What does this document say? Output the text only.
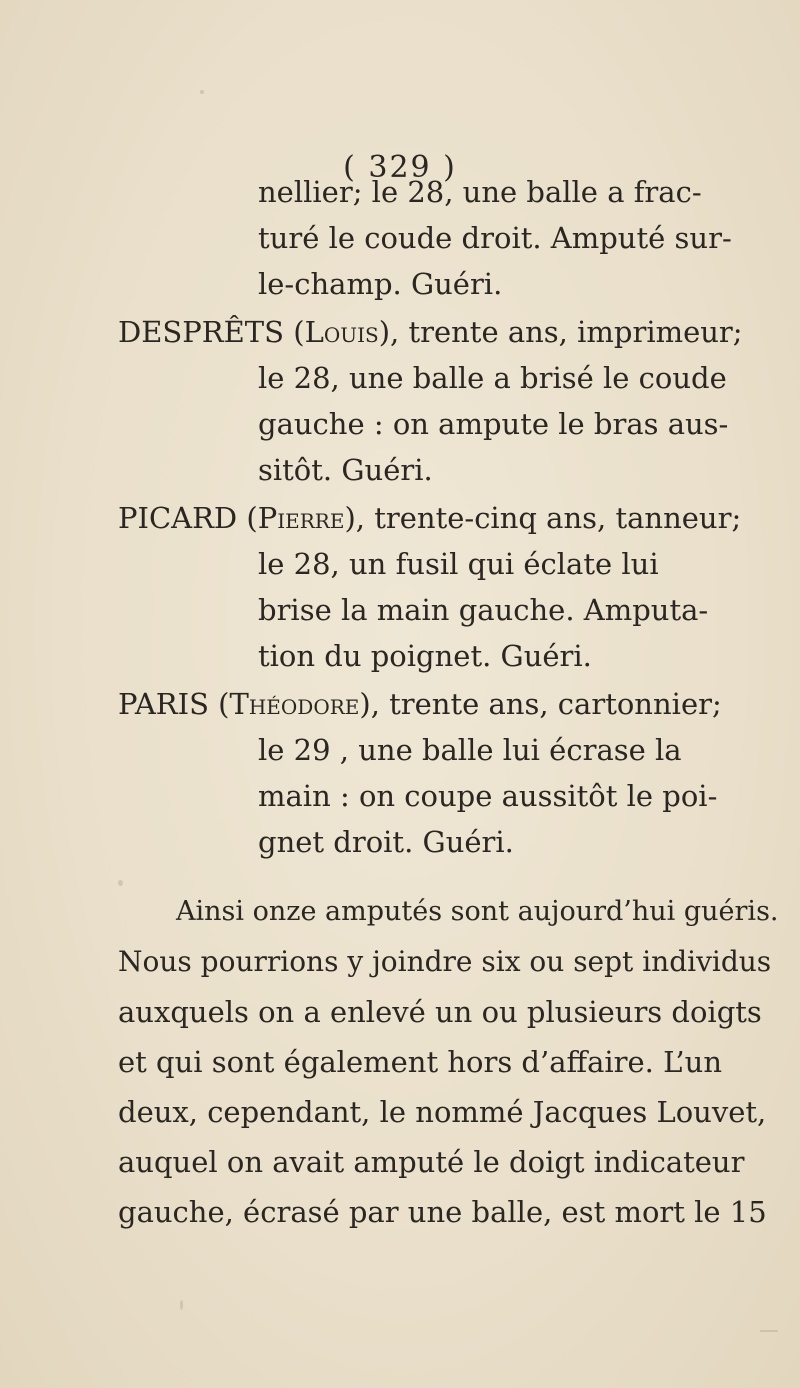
( 329 )
nellier; le 28, une balle a frac-
turé le coude droit. Amputé sur-
le-champ. Guéri.
DESPRÊTS (Louis), trente ans, imprimeur;
le 28, une balle a brisé le coude
gauche : on ampute le bras aus-
sitôt. Guéri.
PICARD (Pierre), trente-cinq ans, tanneur;
le 28, un fusil qui éclate lui
brise la main gauche. Amputa-
tion du poignet. Guéri.
PARIS (Théodore), trente ans, cartonnier;
le 29 , une balle lui écrase la
main : on coupe aussitôt le poi-
gnet droit. Guéri.
Ainsi onze amputés sont aujourd’hui guéris.
Nous pourrions y joindre six ou sept individus
auxquels on a enlevé un ou plusieurs doigts
et qui sont également hors d’affaire. L’un
deux, cependant, le nommé Jacques Louvet,
auquel on avait amputé le doigt indicateur
gauche, écrasé par une balle, est mort le 15
